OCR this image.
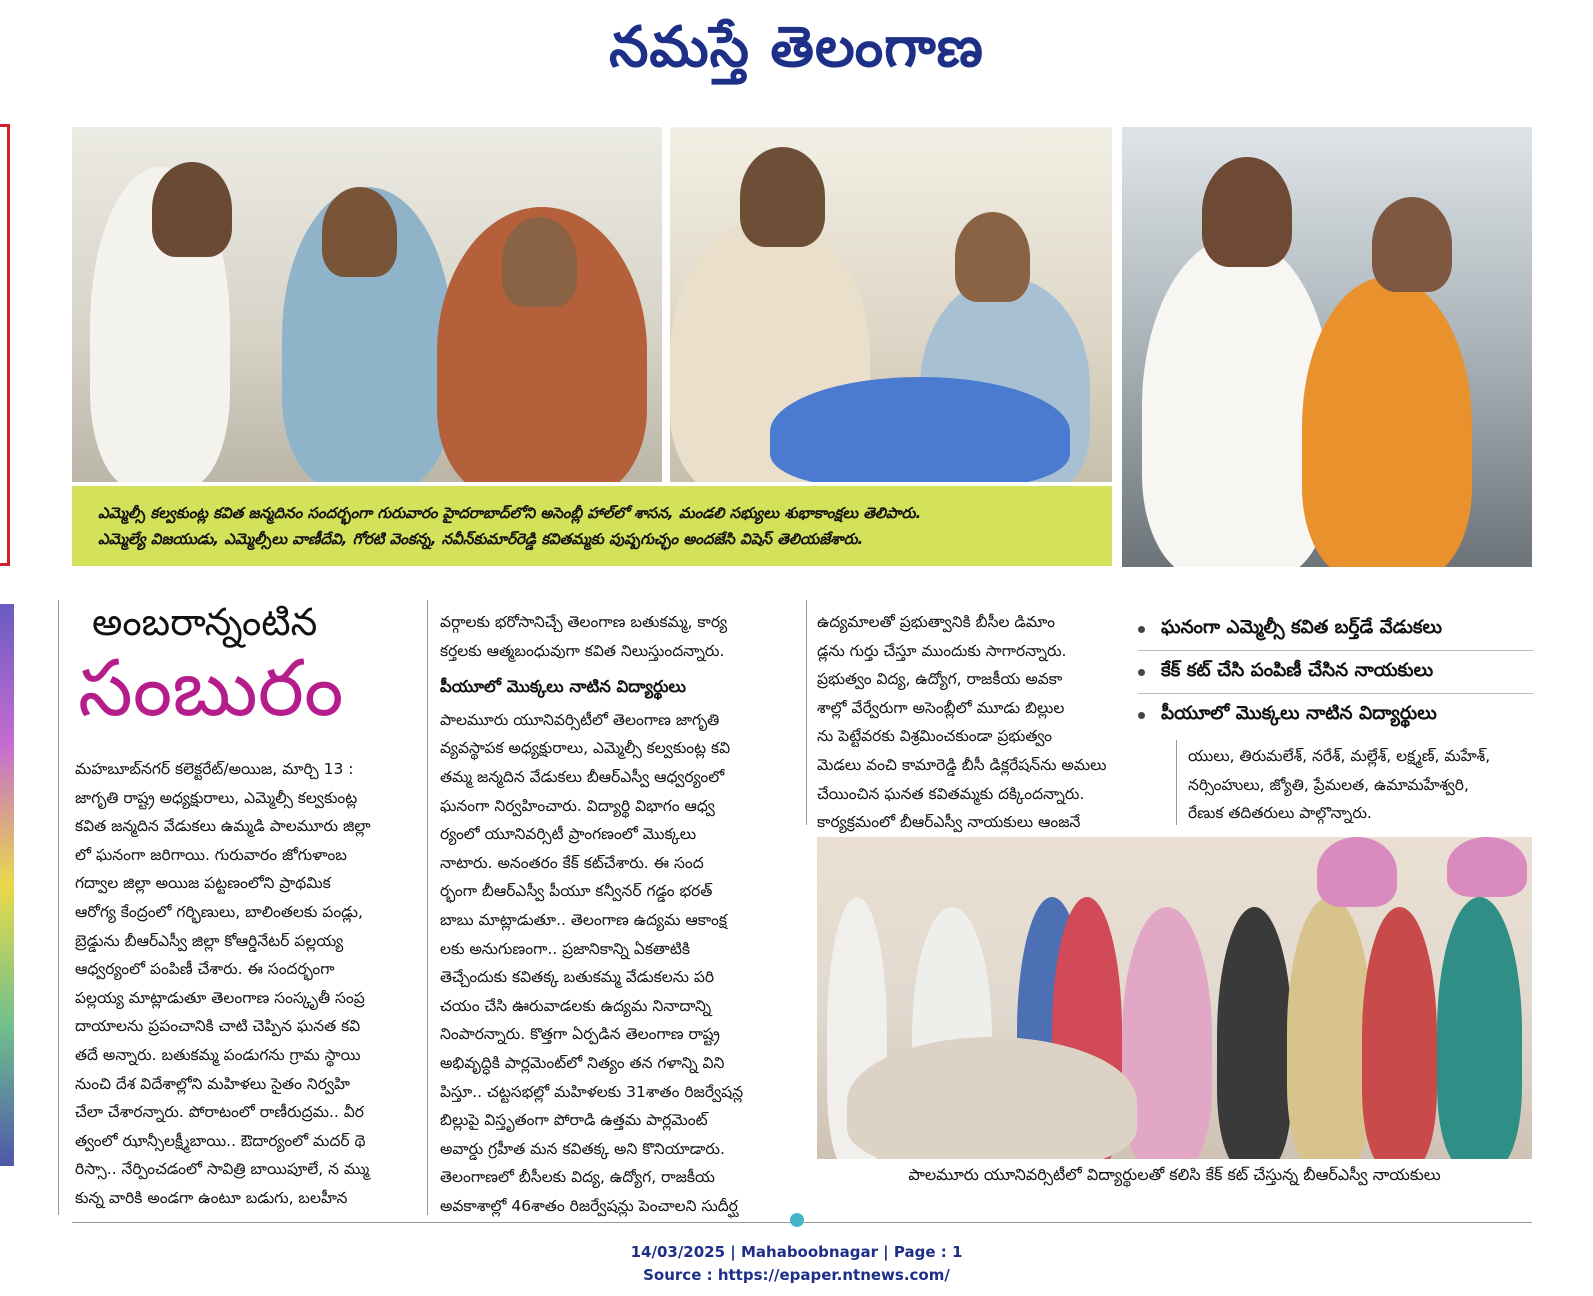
నమస్తే తెలంగాణ
ఎమ్మెల్సీ కల్వకుంట్ల కవిత జన్మదినం సందర్భంగా గురువారం హైదరాబాద్‌లోని అసెంబ్లీ హాల్‌లో శాసన, మండలి సభ్యులు శుభాకాంక్షలు తెలిపారు.
ఎమ్మెల్యే విజయుడు, ఎమ్మెల్సీలు వాణీదేవి, గోరటి వెంకన్న, నవీన్‌కుమార్‌రెడ్డి కవితమ్మకు పుష్పగుచ్ఛం అందజేసి విషెస్ తెలియజేశారు.
అంబరాన్నంటిన
సంబురం

మహబూబ్‌నగర్ కలెక్టరేట్/అయిజ, మార్చి 13 :

జాగృతి రాష్ట్ర అధ్యక్షురాలు, ఎమ్మెల్సీ కల్వకుంట్ల

కవిత జన్మదిన వేడుకలు ఉమ్మడి పాలమూరు జిల్లా

లో ఘనంగా జరిగాయి. గురువారం జోగుళాంబ

గద్వాల జిల్లా అయిజ పట్టణంలోని ప్రాథమిక

ఆరోగ్య కేంద్రంలో గర్భిణులు, బాలింతలకు పండ్లు,

బ్రెడ్డును బీఆర్‌ఎస్వీ జిల్లా కోఆర్డినేటర్ పల్లయ్య

ఆధ్వర్యంలో పంపిణీ చేశారు. ఈ సందర్భంగా

పల్లయ్య మాట్లాడుతూ తెలంగాణ సంస్కృతీ సంప్ర

దాయాలను ప్రపంచానికి చాటి చెప్పిన ఘనత కవి

తదే అన్నారు. బతుకమ్మ పండుగను గ్రామ స్థాయి

నుంచి దేశ విదేశాల్లోని మహిళలు సైతం నిర్వహి

చేలా చేశారన్నారు. పోరాటంలో రాణీరుద్రమ.. వీర

త్వంలో ఝాన్సీలక్ష్మీబాయి.. ఔదార్యంలో మదర్ థె

రిస్సా.. నేర్పించడంలో సావిత్రి బాయిపూలే, న మ్ము

కున్న వారికి అండగా ఉంటూ బడుగు, బలహీన

వర్గాలకు భరోసానిచ్చే తెలంగాణ బతుకమ్మ, కార్య

కర్తలకు ఆత్మబంధువుగా కవిత నిలుస్తుందన్నారు.

పీయూలో మొక్కలు నాటిన విద్యార్థులు

పాలమూరు యూనివర్సిటీలో తెలంగాణ జాగృతి

వ్యవస్థాపక అధ్యక్షురాలు, ఎమ్మెల్సీ కల్వకుంట్ల కవి

తమ్మ జన్మదిన వేడుకలు బీఆర్‌ఎస్వీ ఆధ్వర్యంలో

ఘనంగా నిర్వహించారు. విద్యార్థి విభాగం ఆధ్వ

ర్యంలో యూనివర్సిటీ ప్రాంగణంలో మొక్కలు

నాటారు. అనంతరం కేక్ కట్‌చేశారు. ఈ సంద

ర్భంగా బీఆర్‌ఎస్వీ పీయూ కన్వీనర్ గడ్డం భరత్

బాబు మాట్లాడుతూ.. తెలంగాణ ఉద్యమ ఆకాంక్ష

లకు అనుగుణంగా.. ప్రజానికాన్ని ఏకతాటికి

తెచ్చేందుకు కవితక్క బతుకమ్మ వేడుకలను పరి

చయం చేసి ఊరువాడలకు ఉద్యమ నినాదాన్ని

నింపారన్నారు. కొత్తగా ఏర్పడిన తెలంగాణ రాష్ట్ర

అభివృద్ధికి పార్లమెంట్‌లో నిత్యం తన గళాన్ని విని

పిస్తూ.. చట్టసభల్లో మహిళలకు 31శాతం రిజర్వేషన్ల

బిల్లుపై విస్తృతంగా పోరాడి ఉత్తమ పార్లమెంట్

అవార్డు గ్రహీత మన కవితక్క అని కొనియాడారు.

తెలంగాణలో బీసీలకు విద్య, ఉద్యోగ, రాజకీయ

అవకాశాల్లో 46శాతం రిజర్వేషన్లు పెంచాలని సుదీర్ఘ

ఉద్యమాలతో ప్రభుత్వానికి బీసీల డిమాం

డ్లను గుర్తు చేస్తూ ముందుకు సాగారన్నారు.

ప్రభుత్వం విద్య, ఉద్యోగ, రాజకీయ అవకా

శాల్లో వేర్వేరుగా అసెంబ్లీలో మూడు బిల్లుల

ను పెట్టేవరకు విశ్రమించకుండా ప్రభుత్వం

మెడలు వంచి కామారెడ్డి బీసీ డిక్లరేషన్‌ను అమలు

చేయించిన ఘనత కవితమ్మకు దక్కిందన్నారు.

కార్యక్రమంలో బీఆర్‌ఎస్వీ నాయకులు ఆంజనే

ఘనంగా ఎమ్మెల్సీ కవిత బర్త్‌డే వేడుకలు
కేక్ కట్ చేసి పంపిణీ చేసిన నాయకులు
పీయూలో మొక్కలు నాటిన విద్యార్థులు

యులు, తిరుమలేశ్, నరేశ్, మల్లేశ్, లక్ష్మణ్, మహేశ్,

నర్సింహులు, జ్యోతి, ప్రేమలత, ఉమామహేశ్వరి,

రేణుక తదితరులు పాల్గొన్నారు.

పాలమూరు యూనివర్సిటీలో విద్యార్థులతో కలిసి కేక్ కట్ చేస్తున్న బీఆర్‌ఎస్వీ నాయకులు
14/03/2025 | Mahaboobnagar | Page : 1
Source : https://epaper.ntnews.com/
